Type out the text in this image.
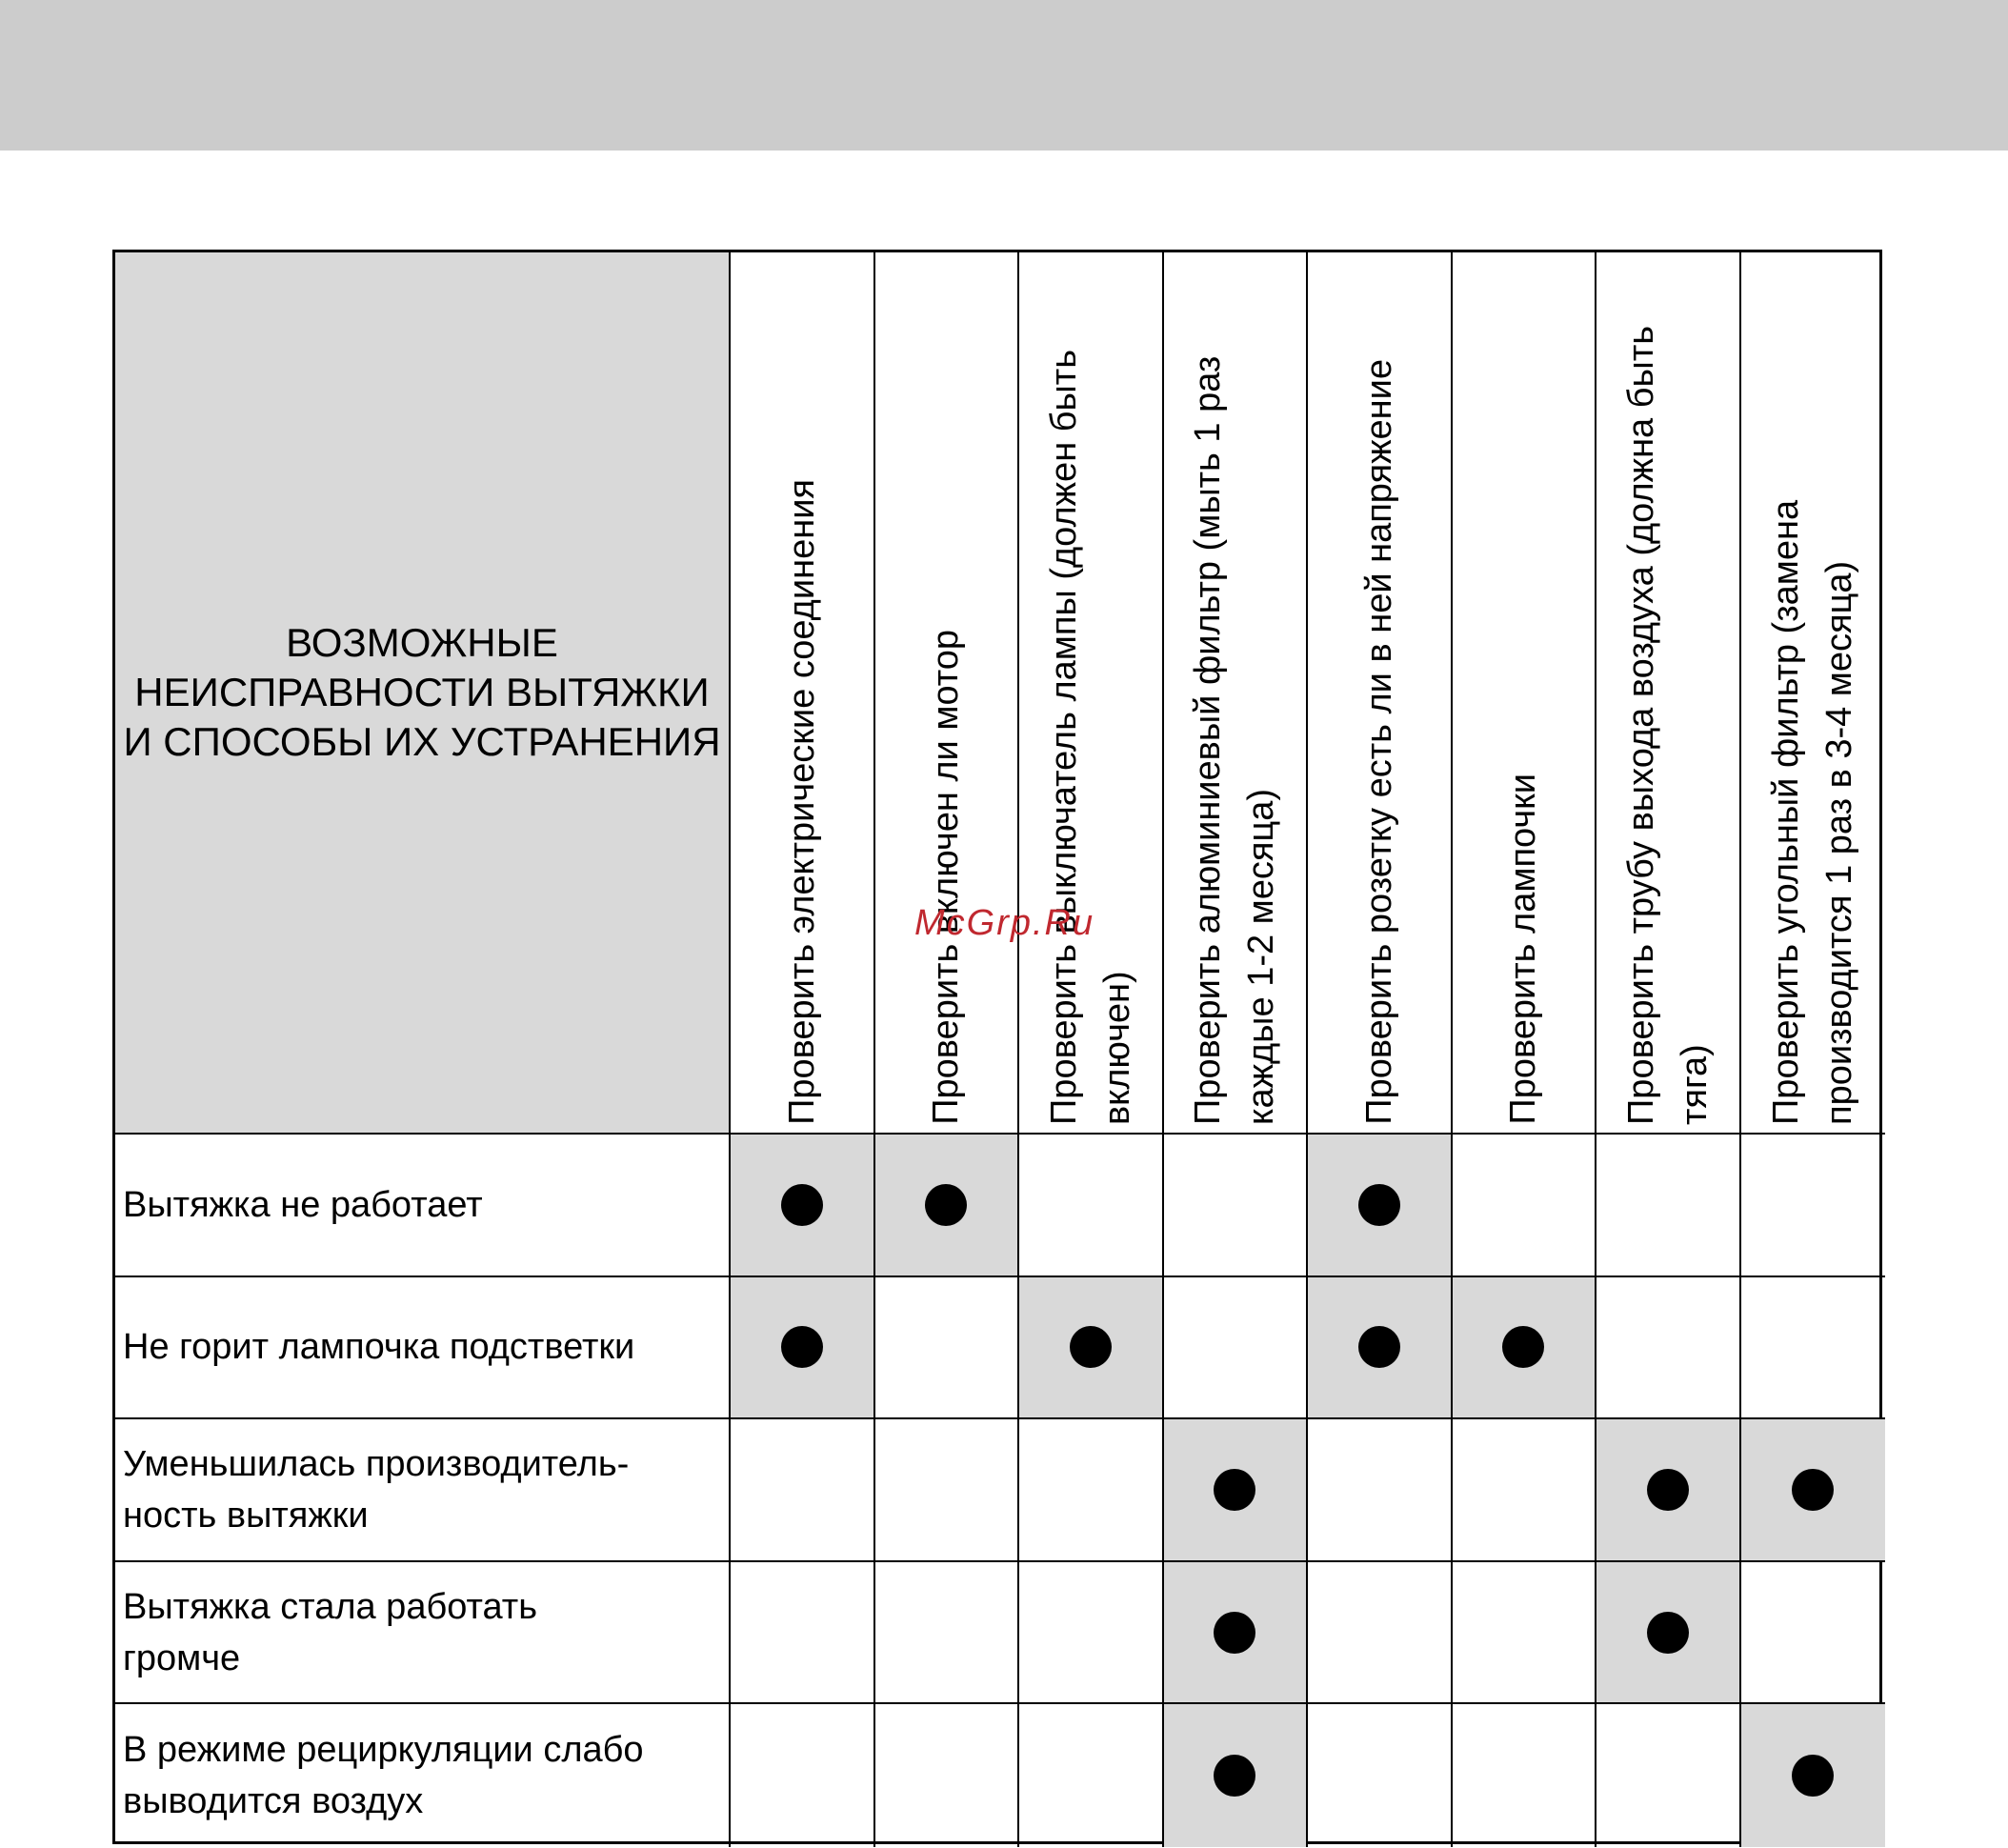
ВОЗМОЖНЫЕ НЕИСПРАВНОСТИ ВЫТЯЖКИ И СПОСОБЫ ИХ УСТРАНЕНИЯ Проверить электрические соединения	Проверить включен ли мотор Проверить выключатель лампы (должен быть включен) Проверить алюминиевый фильтр (мыть 1 раз каждые 1-2 месяца) Проверить розетку есть ли в ней напряжение	Проверить лампочки Проверить трубу выхода воздуха (должна быть тяга) Проверить угольный фильтр (замена производится 1 раз в 3-4 месяца)
Вытяжка не работает
Не горит лампочка подстветки
Уменьшилась производитель-
ность вытяжки
Вытяжка стала работать
громче
В режиме рециркуляции слабо
выводится воздух
McGrp.Ru
